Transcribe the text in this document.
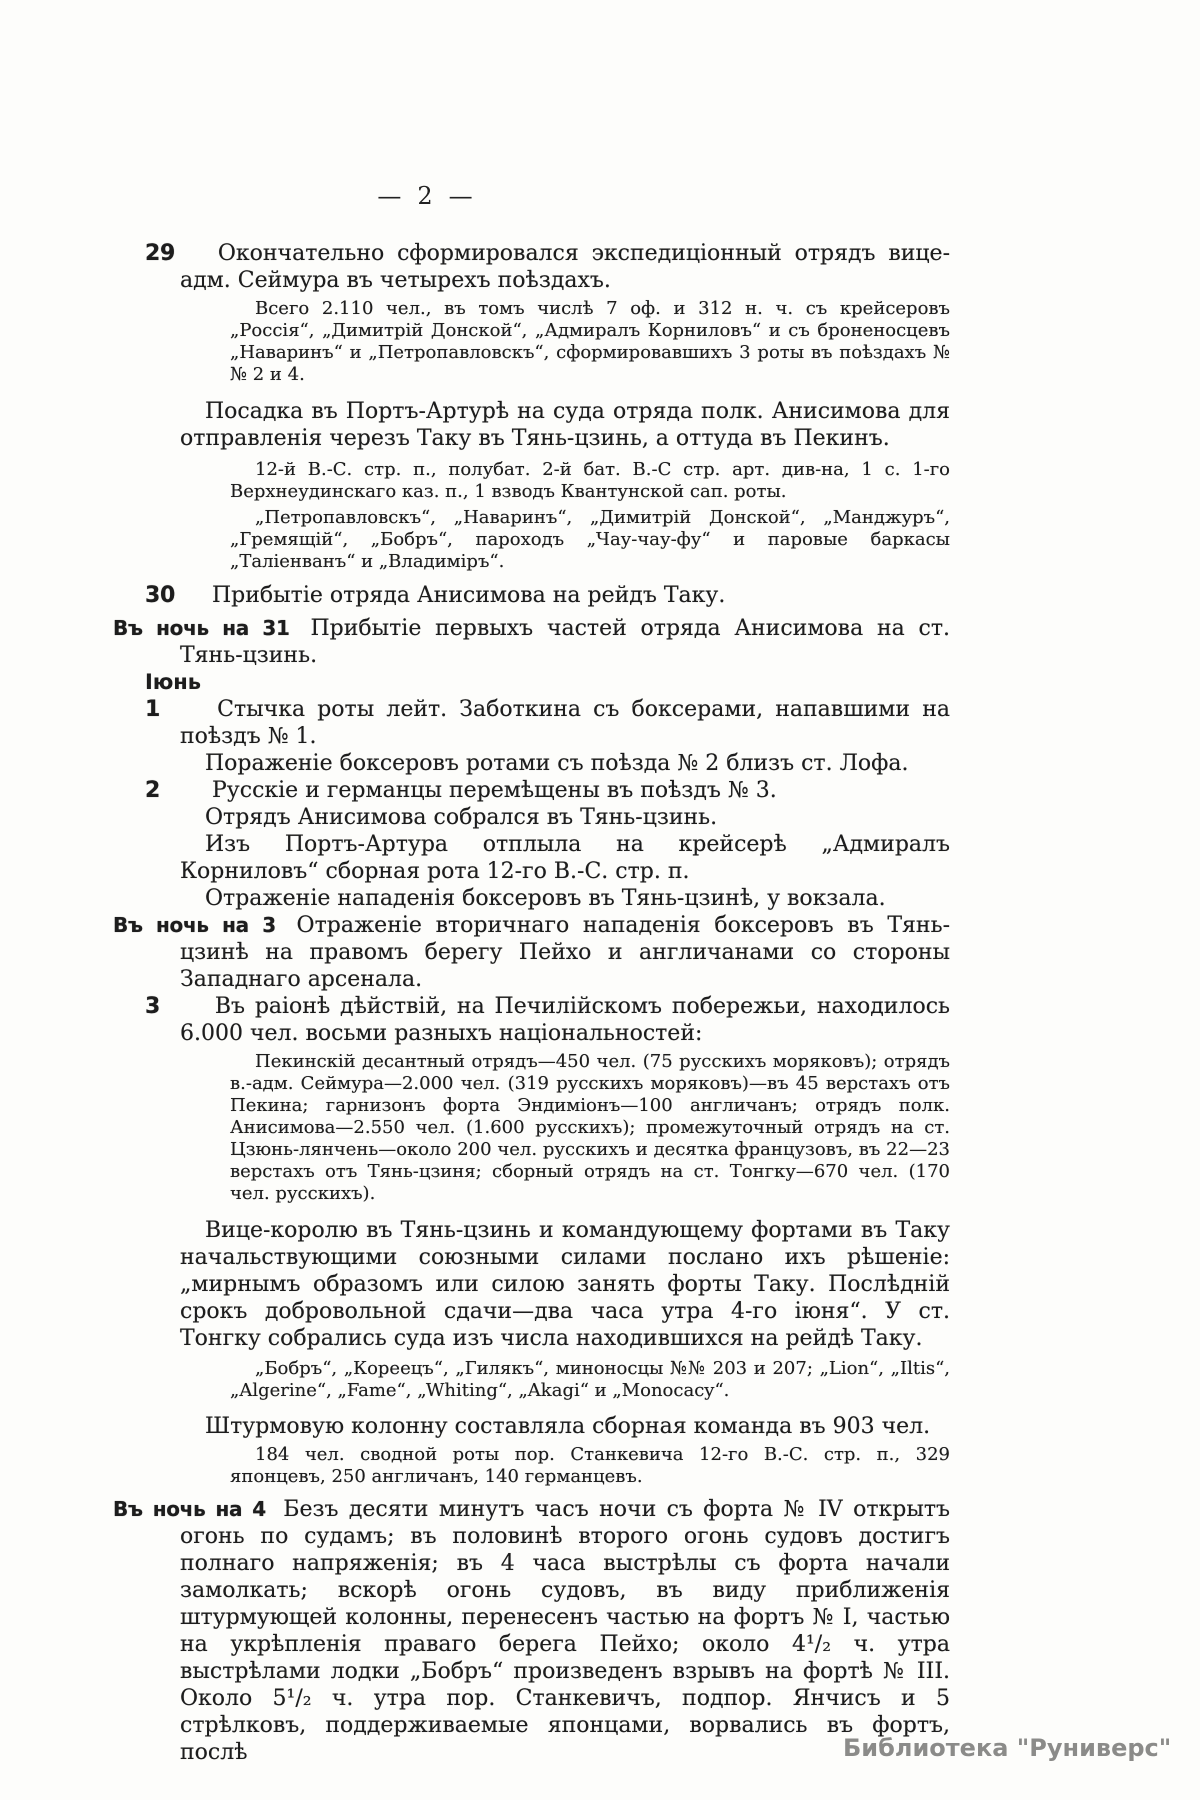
— 2 —

29 Окончательно сформировался экспедиціонный отрядъ вице-адм. Сеймура въ четырехъ поѣздахъ.

Всего 2.110 чел., въ томъ числѣ 7 оф. и 312 н. ч. съ крейсеровъ „Россія“, „Димитрій Донской“, „Адмиралъ Корниловъ“ и съ броненосцевъ „Наваринъ“ и „Петропавловскъ“, сформировавшихъ 3 роты въ поѣздахъ №№ 2 и 4.

Посадка въ Портъ-Артурѣ на суда отряда полк. Анисимова для отправленія черезъ Таку въ Тянь-цзинь, а оттуда въ Пекинъ.

12-й В.-С. стр. п., полубат. 2-й бат. В.-С стр. арт. див-на, 1 с. 1-го Верхнеудинскаго каз. п., 1 взводъ Квантунской сап. роты.

„Петропавловскъ“, „Наваринъ“, „Димитрій Донской“, „Манджуръ“, „Гремящій“, „Бобръ“, пароходъ „Чау-чау-фу“ и паровые баркасы „Таліенванъ“ и „Владиміръ“.

30 Прибытіе отряда Анисимова на рейдъ Таку.

Въ ночь на 31 Прибытіе первыхъ частей отряда Анисимова на ст. Тянь-цзинь.

Іюнь

1	Стычка роты лейт. Заботкина съ боксерами, напавшими на поѣздъ № 1.

Пораженіе боксеровъ ротами съ поѣзда № 2 близъ ст. Лофа.

2 Русскіе и германцы перемѣщены въ поѣздъ № 3.

Отрядъ Анисимова собрался въ Тянь-цзинь.

Изъ Портъ-Артура отплыла на крейсерѣ „Адмиралъ Корниловъ“ сборная рота 12-го В.-С. стр. п.

Отраженіе нападенія боксеровъ въ Тянь-цзинѣ, у вокзала.

Въ ночь на 3 Отраженіе вторичнаго нападенія боксеровъ въ Тянь-цзинѣ на правомъ берегу Пейхо и англичанами со стороны Западнаго арсенала.

3 Въ раіонѣ дѣйствій, на Печилійскомъ побережьи, находилось 6.000 чел. восьми разныхъ національностей:

Пекинскій десантный отрядъ—450 чел. (75 русскихъ моряковъ); отрядъ в.-адм. Сеймура—2.000 чел. (319 русскихъ моряковъ)—въ 45 верстахъ отъ Пекина; гарнизонъ форта Эндиміонъ—100 англичанъ; отрядъ полк. Анисимова—2.550 чел. (1.600 русскихъ); промежуточный отрядъ на ст. Цзюнь-лянчень—около 200 чел. русскихъ и десятка французовъ, въ 22—23 верстахъ отъ Тянь-цзиня; сборный отрядъ на ст. Тонгку—670 чел. (170 чел. русскихъ).

Вице-королю въ Тянь-цзинь и командующему фортами въ Таку начальствующими союзными силами послано ихъ рѣшеніе: „мирнымъ образомъ или силою занять форты Таку. Послѣдній срокъ добровольной сдачи—два часа утра 4-го іюня“. У ст. Тонгку собрались суда изъ числа находившихся на рейдѣ Таку.

„Бобръ“, „Кореецъ“, „Гилякъ“, миноносцы №№ 203 и 207; „Lion“, „Iltis“, „Algerine“, „Fame“, „Whiting“, „Akagi“ и „Monocacy“.

Штурмовую колонну составляла сборная команда въ 903 чел.

184 чел. сводной роты пор. Станкевича 12-го В.-С. стр. п., 329 японцевъ, 250 англичанъ, 140 германцевъ.

Въ ночь на 4 Безъ десяти минутъ часъ ночи съ форта № IV открытъ огонь по судамъ; въ половинѣ второго огонь судовъ достигъ полнаго напряженія; въ 4 часа выстрѣлы съ форта начали замолкать; вскорѣ огонь судовъ, въ виду приближенія штурмующей колонны, перенесенъ частью на фортъ № I, частью на укрѣпленія праваго берега Пейхо; около 4¹/₂ ч. утра выстрѣлами лодки „Бобръ“ произведенъ взрывъ на фортѣ № III. Около 5¹/₂ ч. утра пор. Станкевичъ, подпор. Янчисъ и 5 стрѣлковъ, поддерживаемые японцами, ворвались въ фортъ, послѣ	Библиотека "Руниверс"
